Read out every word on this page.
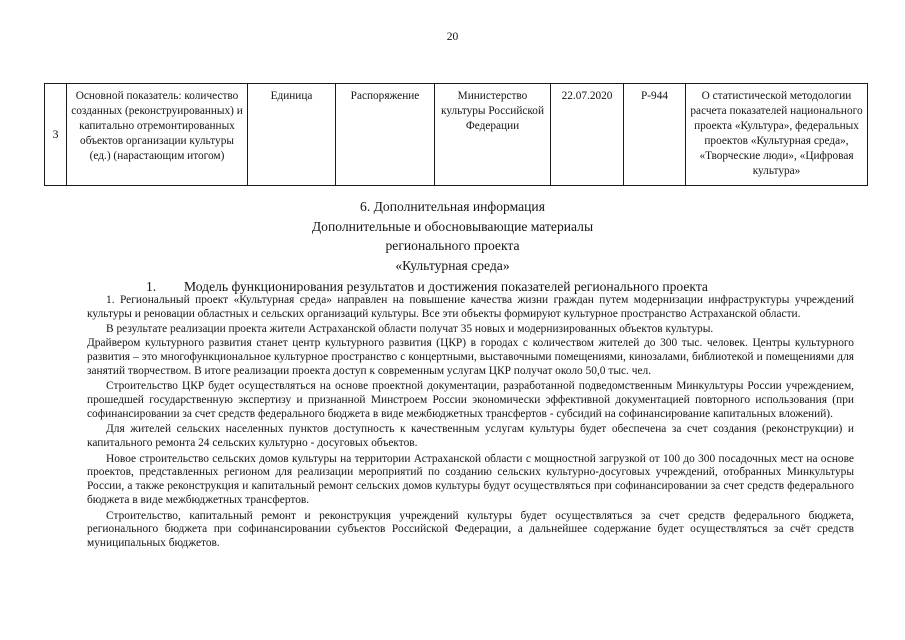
20
3	Основной показатель: количество созданных (реконструированных) и капитально отремонтированных объектов организации культуры (ед.) (нарастающим итогом)	Единица	Распоряжение	Министерство культуры Российской Федерации	22.07.2020	Р-944	О статистической методологии расчета показателей национального проекта «Культура», федеральных проектов «Культурная среда», «Творческие люди», «Цифровая культура»
6. Дополнительная информация
Дополнительные и обосновывающие материалы
регионального проекта
«Культурная среда»
1. Модель функционирования результатов и достижения показателей регионального проекта

1. Региональный проект «Культурная среда» направлен на повышение качества жизни граждан путем модернизации инфраструктуры учреждений культуры и реновации областных и сельских организаций культуры. Все эти объекты формируют культурное пространство Астраханской области.

В результате реализации проекта жители Астраханской области получат 35 новых и модернизированных объектов культуры.

Драйвером культурного развития станет центр культурного развития (ЦКР) в городах с количеством жителей до 300 тыс. человек. Центры культурного развития – это многофункциональное культурное пространство с концертными, выставочными помещениями, кинозалами, библиотекой и помещениями для занятий творчеством. В итоге реализации проекта доступ к современным услугам ЦКР получат около 50,0 тыс. чел.

Строительство ЦКР будет осуществляться на основе проектной документации, разработанной подведомственным Минкультуры России учреждением, прошедшей государственную экспертизу и признанной Минстроем России экономически эффективной документацией повторного использования (при софинансировании за счет средств федерального бюджета в виде межбюджетных трансфертов - субсидий на софинансирование капитальных вложений).

Для жителей сельских населенных пунктов доступность к качественным услугам культуры будет обеспечена за счет создания (реконструкции) и капитального ремонта 24 сельских культурно - досуговых объектов.

Новое строительство сельских домов культуры на территории Астраханской области с мощностной загрузкой от 100 до 300 посадочных мест на основе проектов, представленных регионом для реализации мероприятий по созданию сельских культурно-досуговых учреждений, отобранных Минкультуры России, а также реконструкция и капитальный ремонт сельских домов культуры будут осуществляться при софинансировании за счет средств федерального бюджета в виде межбюджетных трансфертов.

Строительство, капитальный ремонт и реконструкция учреждений культуры будет осуществляться за счет средств федерального бюджета, регионального бюджета при софинансировании субъектов Российской Федерации, а дальнейшее содержание будет осуществляться за счёт средств муниципальных бюджетов.
